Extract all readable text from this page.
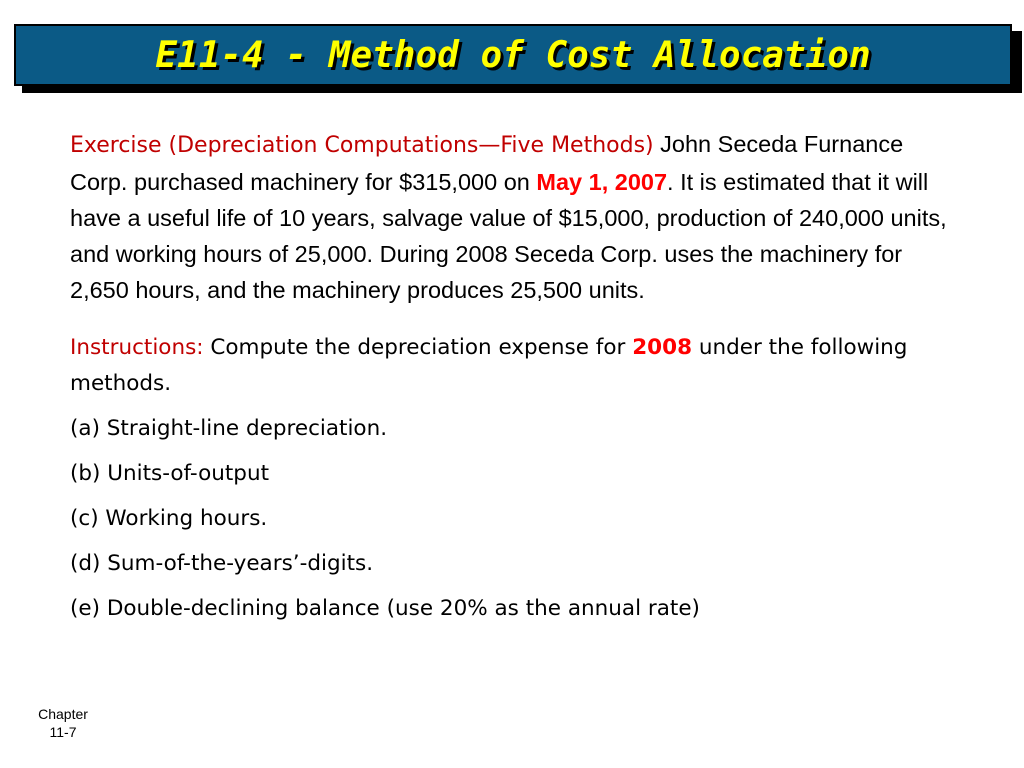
E11-4 - Method of Cost Allocation

Exercise (Depreciation Computations—Five Methods) John Seceda Furnance Corp. purchased machinery for $315,000 on May 1, 2007. It is estimated that it will have a useful life of 10 years, salvage value of $15,000, production of 240,000 units, and working hours of 25,000. During 2008 Seceda Corp. uses the machinery for 2,650 hours, and the machinery produces 25,500 units.

Instructions: Compute the depreciation expense for 2008 under the following methods.

(a) Straight-line depreciation.

(b) Units-of-output

(c) Working hours.

(d) Sum-of-the-years’-digits.

(e) Double-declining balance (use 20% as the annual rate)

Chapter
11-7
